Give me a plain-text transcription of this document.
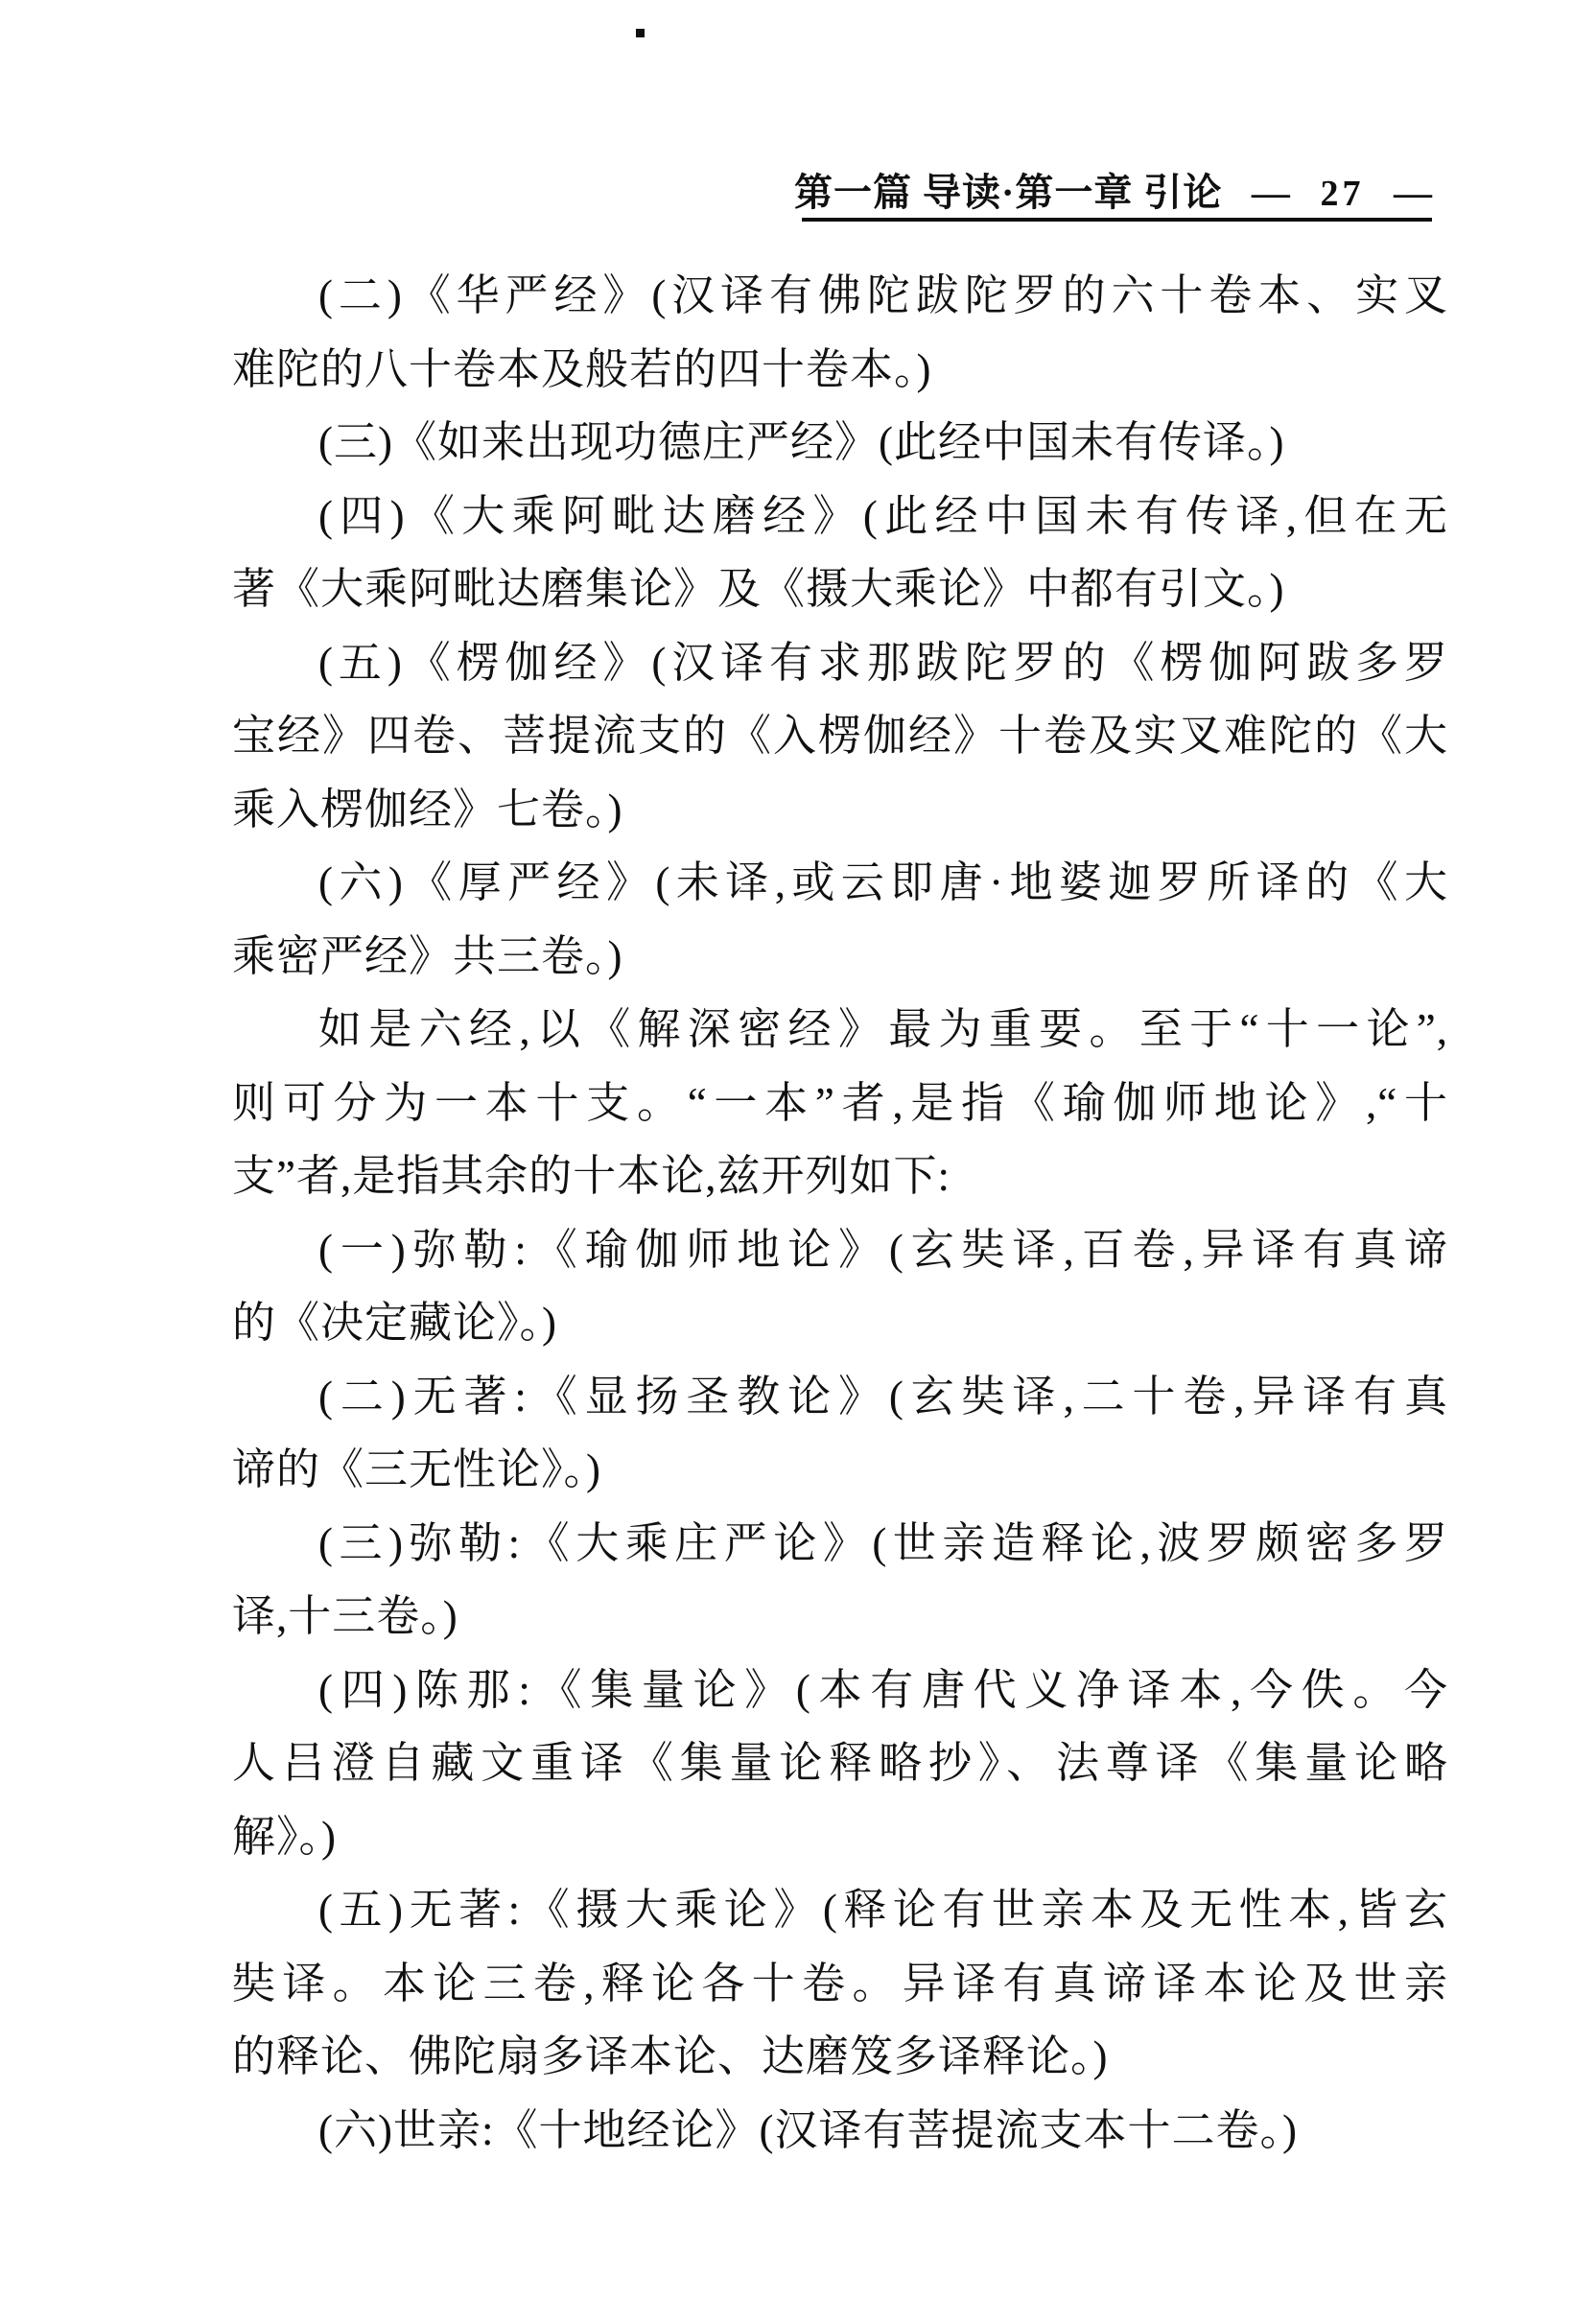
第一篇 导读·第一章 引论 — 27 —
(二)《华严经》(汉译有佛陀跋陀罗的六十卷本、实叉
难陀的八十卷本及般若的四十卷本。)
(三)《如来出现功德庄严经》(此经中国未有传译。)
(四)《大乘阿毗达磨经》(此经中国未有传译,但在无
著《大乘阿毗达磨集论》及《摄大乘论》中都有引文。)
(五)《楞伽经》(汉译有求那跋陀罗的《楞伽阿跋多罗
宝经》四卷、菩提流支的《入楞伽经》十卷及实叉难陀的《大
乘入楞伽经》七卷。)
(六)《厚严经》(未译,或云即唐·地婆迦罗所译的《大
乘密严经》共三卷。)
如是六经,以《解深密经》最为重要。至于“十一论”,
则可分为一本十支。“一本”者,是指《瑜伽师地论》,“十
支”者,是指其余的十本论,兹开列如下:
(一)弥勒:《瑜伽师地论》(玄奘译,百卷,异译有真谛
的《决定藏论》。)
(二)无著:《显扬圣教论》(玄奘译,二十卷,异译有真
谛的《三无性论》。)
(三)弥勒:《大乘庄严论》(世亲造释论,波罗颇密多罗
译,十三卷。)
(四)陈那:《集量论》(本有唐代义净译本,今佚。今
人吕澄自藏文重译《集量论释略抄》、法尊译《集量论略
解》。)
(五)无著:《摄大乘论》(释论有世亲本及无性本,皆玄
奘译。本论三卷,释论各十卷。异译有真谛译本论及世亲
的释论、佛陀扇多译本论、达磨笈多译释论。)
(六)世亲:《十地经论》(汉译有菩提流支本十二卷。)
